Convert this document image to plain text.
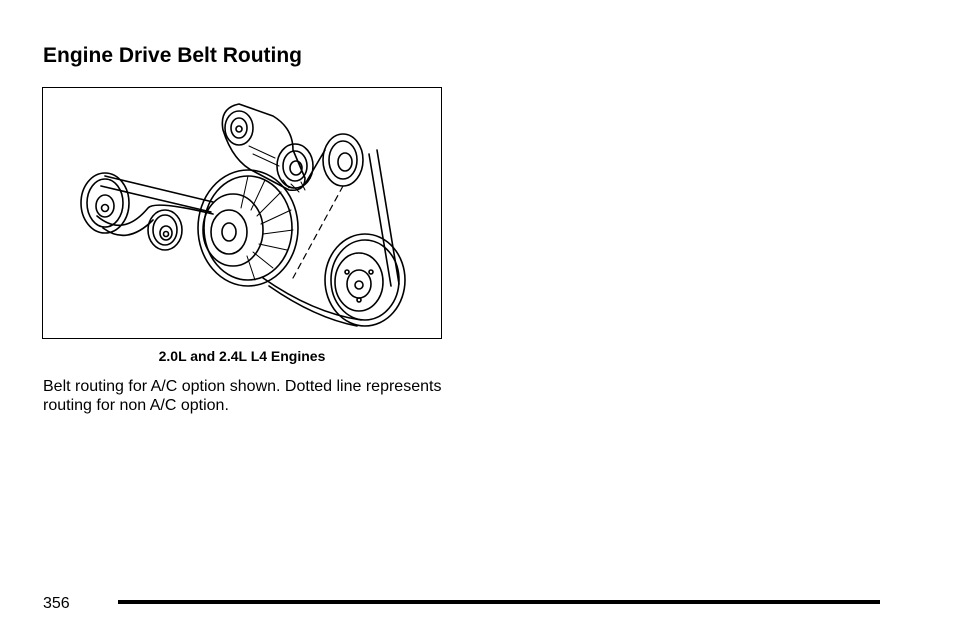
Engine Drive Belt Routing
2.0L and 2.4L L4 Engines

Belt routing for A/C option shown. Dotted line represents routing for non A/C option.

356
